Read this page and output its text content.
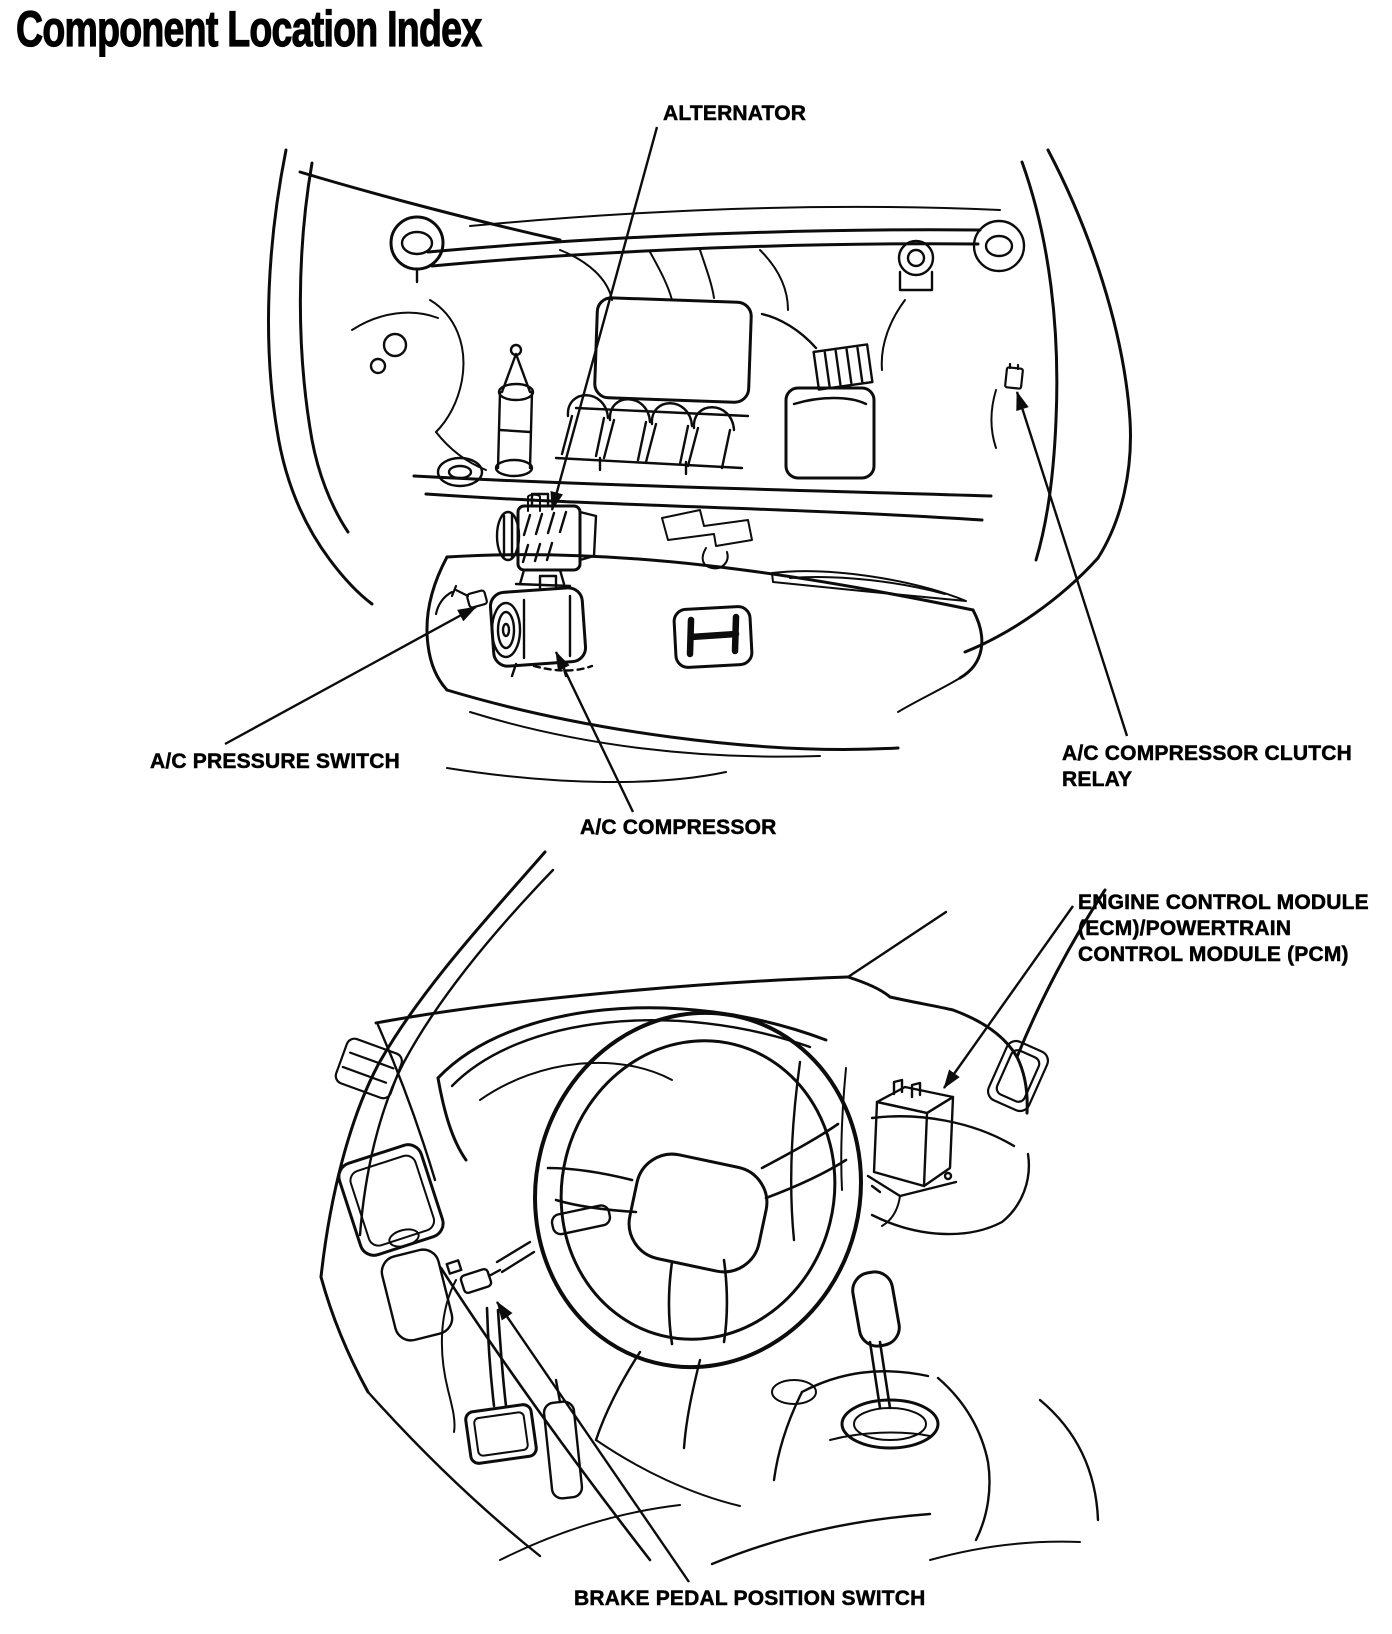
Component Location Index
ALTERNATOR
A/C PRESSURE SWITCH
A/C COMPRESSOR
A/C COMPRESSOR CLUTCH
RELAY
ENGINE CONTROL MODULE
(ECM)/POWERTRAIN
CONTROL MODULE (PCM)
BRAKE PEDAL POSITION SWITCH
